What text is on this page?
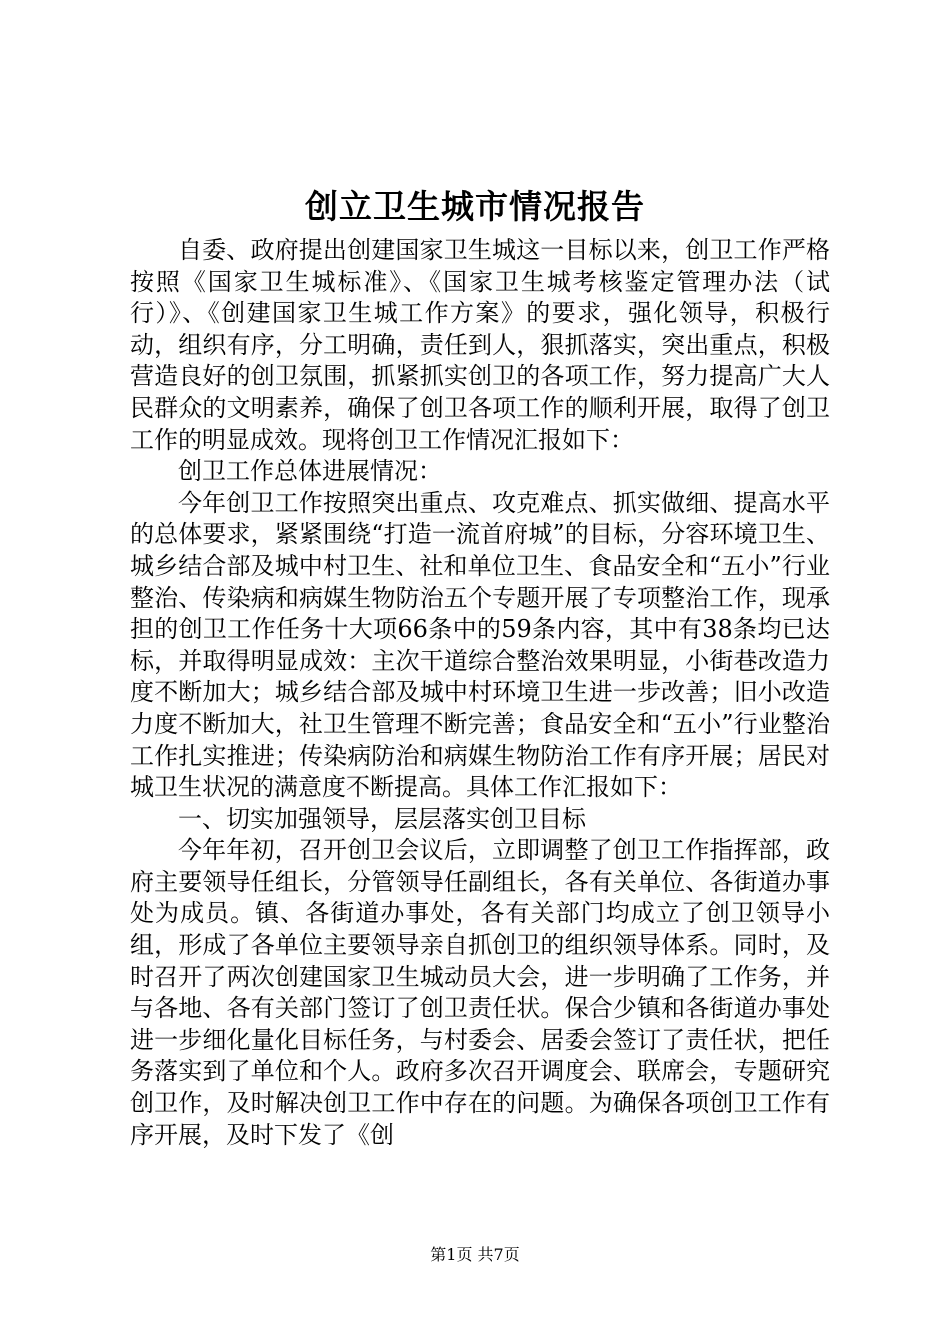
创立卫生城市情况报告

自委、政府提出创建国家卫生城这一目标以来，创卫工作严格按照《国家卫生城标准》、《国家卫生城考核鉴定管理办法（试行）》、《创建国家卫生城工作方案》的要求，强化领导，积极行动，组织有序，分工明确，责任到人，狠抓落实，突出重点，积极营造良好的创卫氛围，抓紧抓实创卫的各项工作，努力提高广大人民群众的文明素养，确保了创卫各项工作的顺利开展，取得了创卫工作的明显成效。现将创卫工作情况汇报如下：

创卫工作总体进展情况：

今年创卫工作按照突出重点、攻克难点、抓实做细、提高水平的总体要求，紧紧围绕“打造一流首府城”的目标，分容环境卫生、城乡结合部及城中村卫生、社和单位卫生、食品安全和“五小”行业整治、传染病和病媒生物防治五个专题开展了专项整治工作，现承担的创卫工作任务十大项66条中的59条内容，其中有38条均已达标，并取得明显成效：主次干道综合整治效果明显，小街巷改造力度不断加大；城乡结合部及城中村环境卫生进一步改善；旧小改造力度不断加大，社卫生管理不断完善；食品安全和“五小”行业整治工作扎实推进；传染病防治和病媒生物防治工作有序开展；居民对城卫生状况的满意度不断提高。具体工作汇报如下：

一、切实加强领导，层层落实创卫目标

今年年初，召开创卫会议后，立即调整了创卫工作指挥部，政府主要领导任组长，分管领导任副组长，各有关单位、各街道办事处为成员。镇、各街道办事处，各有关部门均成立了创卫领导小组，形成了各单位主要领导亲自抓创卫的组织领导体系。同时，及时召开了两次创建国家卫生城动员大会，进一步明确了工作务，并与各地、各有关部门签订了创卫责任状。保合少镇和各街道办事处进一步细化量化目标任务，与村委会、居委会签订了责任状，把任务落实到了单位和个人。政府多次召开调度会、联席会，专题研究创卫作，及时解决创卫工作中存在的问题。为确保各项创卫工作有序开展，及时下发了《创

第1页 共7页
